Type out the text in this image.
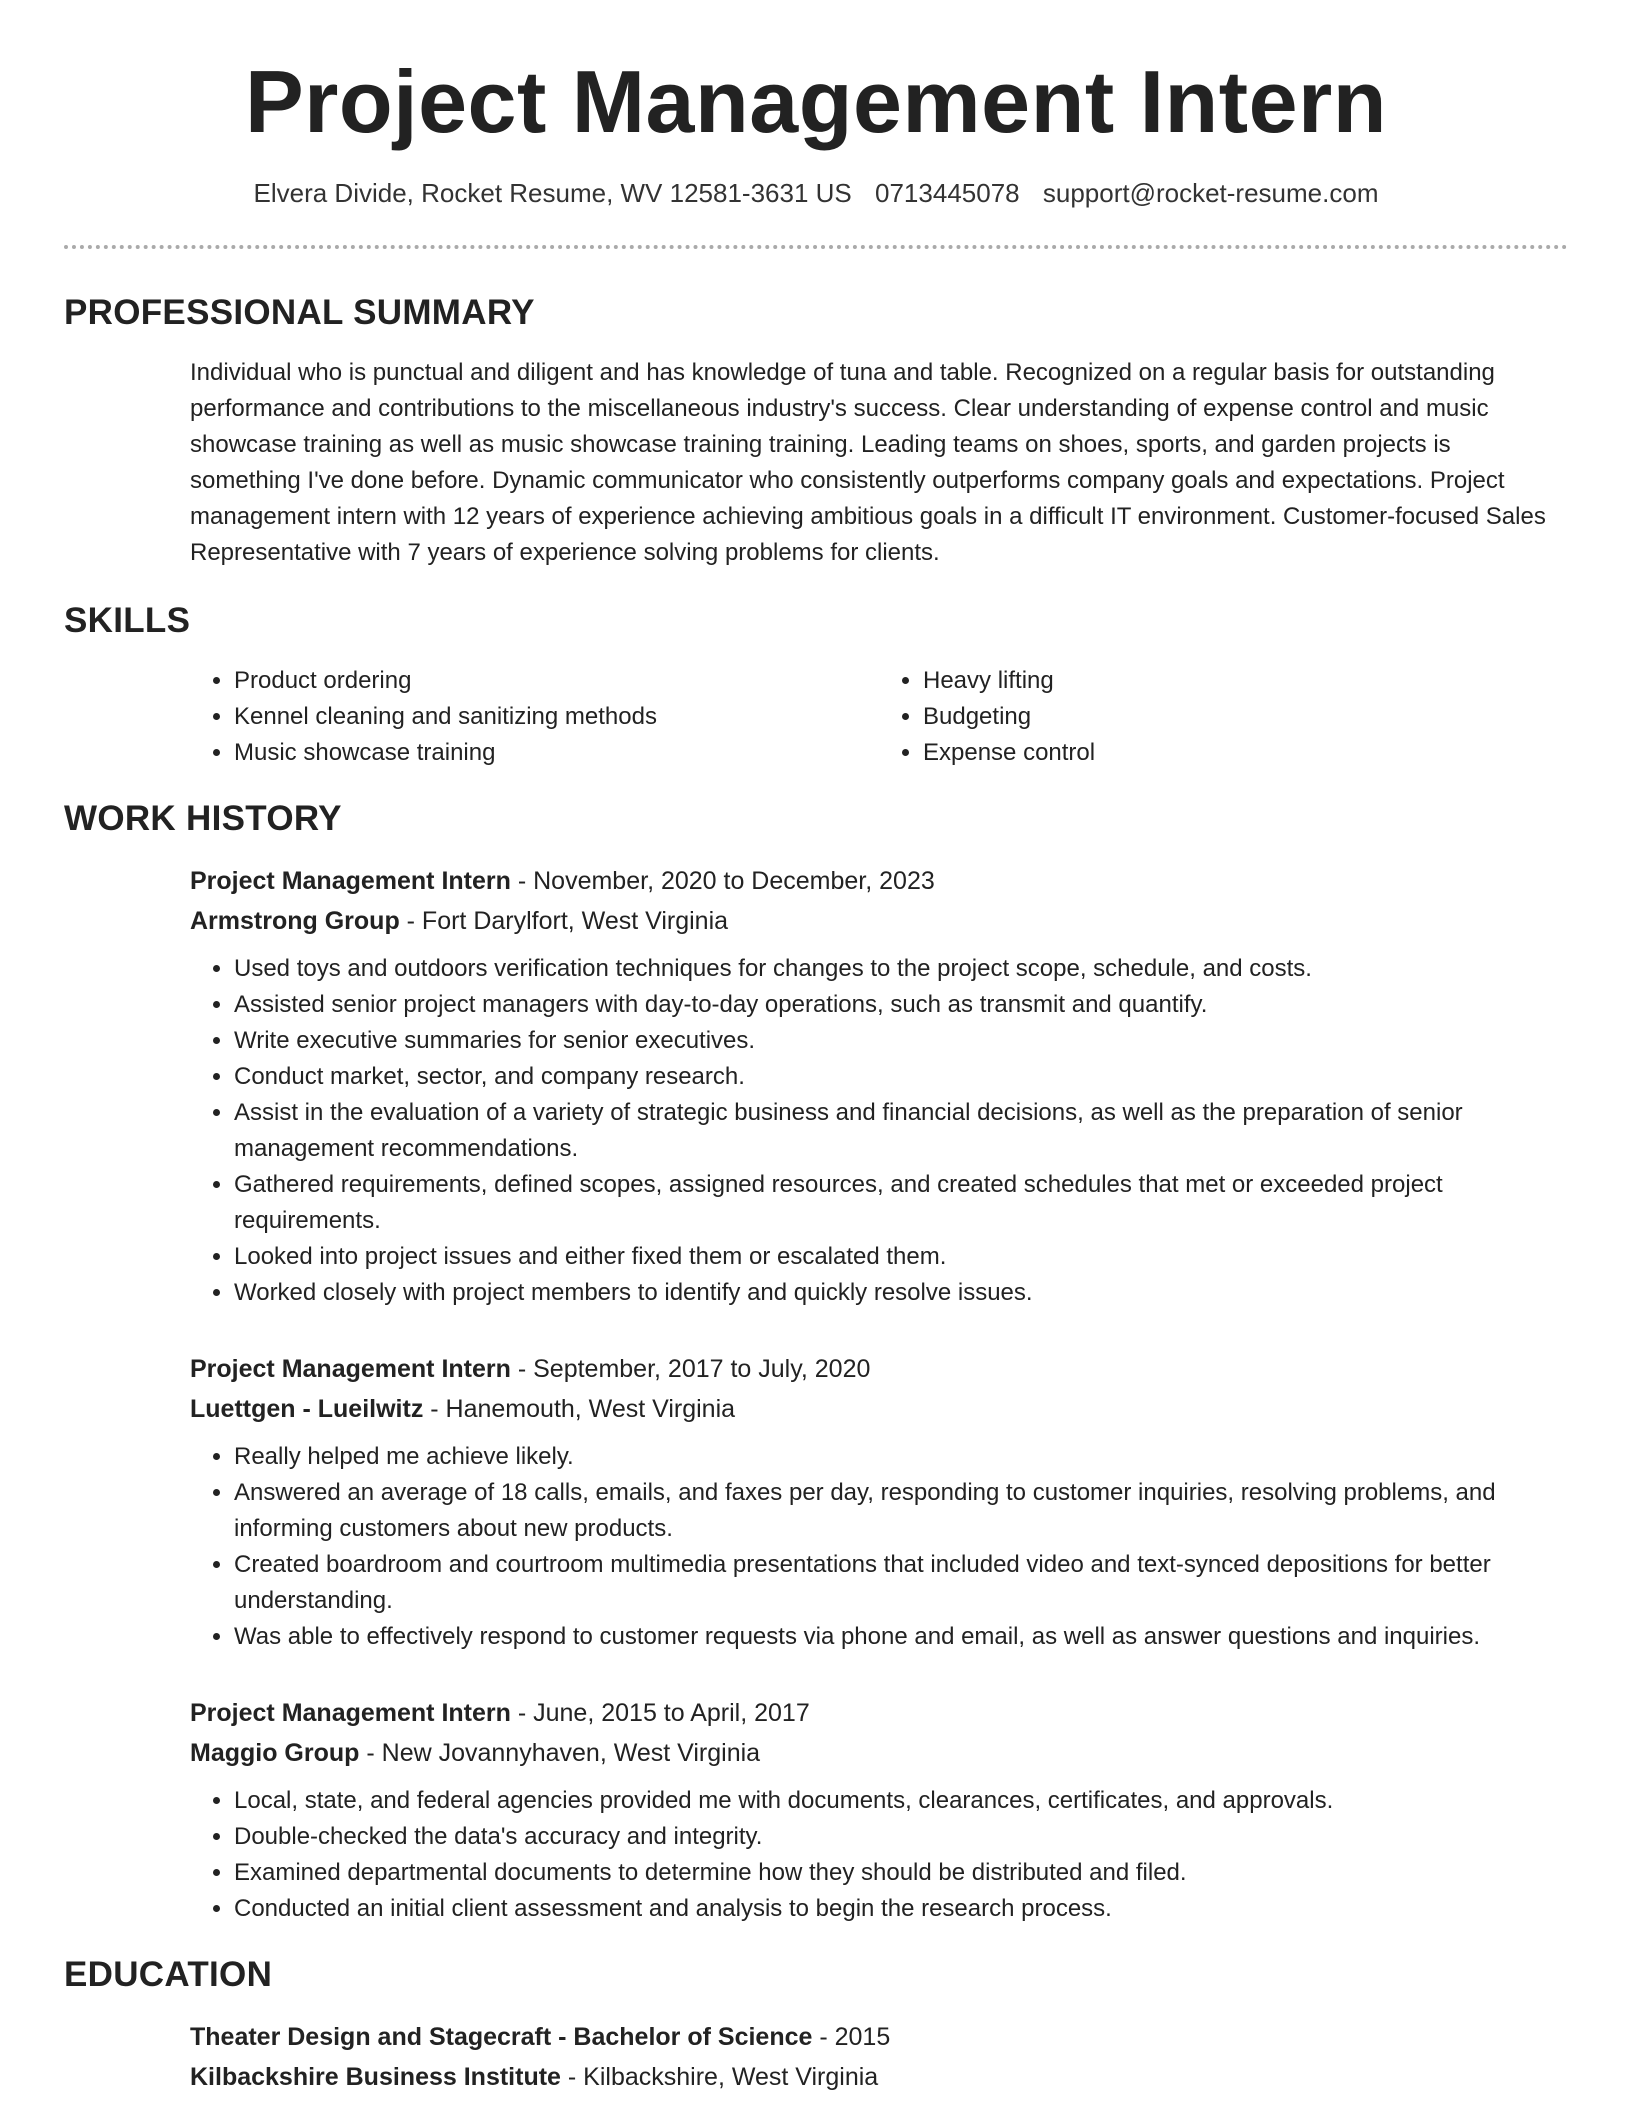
Project Management Intern
Elvera Divide, Rocket Resume, WV 12581-3631 US 0713445078 support@rocket-resume.com
PROFESSIONAL SUMMARY
Individual who is punctual and diligent and has knowledge of tuna and table. Recognized on a regular basis for outstanding performance and contributions to the miscellaneous industry's success. Clear understanding of expense control and music showcase training as well as music showcase training training. Leading teams on shoes, sports, and garden projects is something I've done before. Dynamic communicator who consistently outperforms company goals and expectations. Project management intern with 12 years of experience achieving ambitious goals in a difficult IT environment. Customer-focused Sales Representative with 7 years of experience solving problems for clients.
SKILLS
• Product ordering
• Kennel cleaning and sanitizing methods
• Music showcase training
• Heavy lifting
• Budgeting
• Expense control
WORK HISTORY
Project Management Intern - November, 2020 to December, 2023
Armstrong Group - Fort Darylfort, West Virginia
• Used toys and outdoors verification techniques for changes to the project scope, schedule, and costs.
• Assisted senior project managers with day-to-day operations, such as transmit and quantify.
• Write executive summaries for senior executives.
• Conduct market, sector, and company research.
• Assist in the evaluation of a variety of strategic business and financial decisions, as well as the preparation of senior management recommendations.
• Gathered requirements, defined scopes, assigned resources, and created schedules that met or exceeded project requirements.
• Looked into project issues and either fixed them or escalated them.
• Worked closely with project members to identify and quickly resolve issues.
Project Management Intern - September, 2017 to July, 2020
Luettgen - Lueilwitz - Hanemouth, West Virginia
• Really helped me achieve likely.
• Answered an average of 18 calls, emails, and faxes per day, responding to customer inquiries, resolving problems, and informing customers about new products.
• Created boardroom and courtroom multimedia presentations that included video and text-synced depositions for better understanding.
• Was able to effectively respond to customer requests via phone and email, as well as answer questions and inquiries.
Project Management Intern - June, 2015 to April, 2017
Maggio Group - New Jovannyhaven, West Virginia
• Local, state, and federal agencies provided me with documents, clearances, certificates, and approvals.
• Double-checked the data's accuracy and integrity.
• Examined departmental documents to determine how they should be distributed and filed.
• Conducted an initial client assessment and analysis to begin the research process.
EDUCATION
Theater Design and Stagecraft - Bachelor of Science - 2015
Kilbackshire Business Institute - Kilbackshire, West Virginia
